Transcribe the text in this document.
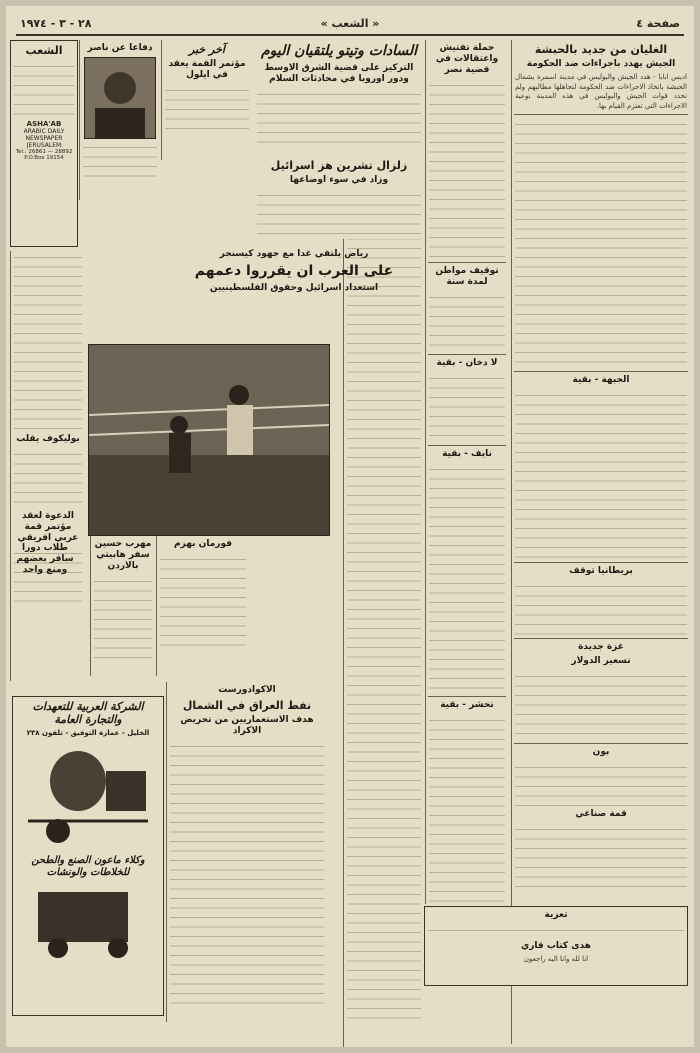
صفحة ٤
« الشعب »
٢٨ - ٣ - ١٩٧٤
الغليان من جديد بالحبشة
الجيش يهدد باجراءات ضد الحكومة

اديس ابابا - هدد الجيش والبوليس في مدينة اسمرة بشمال الحبشة باتخاذ الاجراءات ضد الحكومة لتجاهلها مطالبهم ولم تحدد قوات الجيش والبوليس في هذه المدينة نوعية الاجراءات التي تعتزم القيام بها.

الجبهة - بقية

بريطانيا توقف

غزة جديدة
تسعير الدولار

بون

قمة صناعي

تعزية
هدى كتاب قاري
انا لله وانا اليه راجعون
حملة تفتيش واعتقالات في قضية نصر

توقيف مواطن لمدة سنة

لا دخان - بقية

نايف - بقية

تحشر - بقية

السادات وتيتو يلتقيان اليوم
التركيز على قضية الشرق الاوسط ودور اوروبا في محادثات السلام

آخر خبر
مؤتمر القمة يعقد في ايلول

دفاعا عن ناصر

الشعب
ASHA'AB
ARABIC DAILY NEWSPAPER
JERUSALEM
Tel.: 26861 — 28892
P.O.Box 19154
زلزال تشرين هز اسرائيل
وزاد في سوء اوضاعها

رياض يلتقي غدا مع جهود كيسنجر
على العرب ان يقرروا دعمهم
استعداد اسرائيل وحقوق الفلسطينيين
فورمان بهزم

مهرب حسين سفر هابيتي بالاردن

الاكوادورست
نفط العراق في الشمال
هدف الاستعماريين من تحريض الاكراد

بوليكوف يقلب

الدعوة لعقد مؤتمر قمة عربي افريقي

الشركة العربية للتعهدات والتجارة العامة
الخليل - عمارة التوفيق - تلفون ٢٣٨
وكلاء ماعون الصنع والطحن للخلاطات والونشات
طلاب دورا سافر بعضهم ومنع واحد
